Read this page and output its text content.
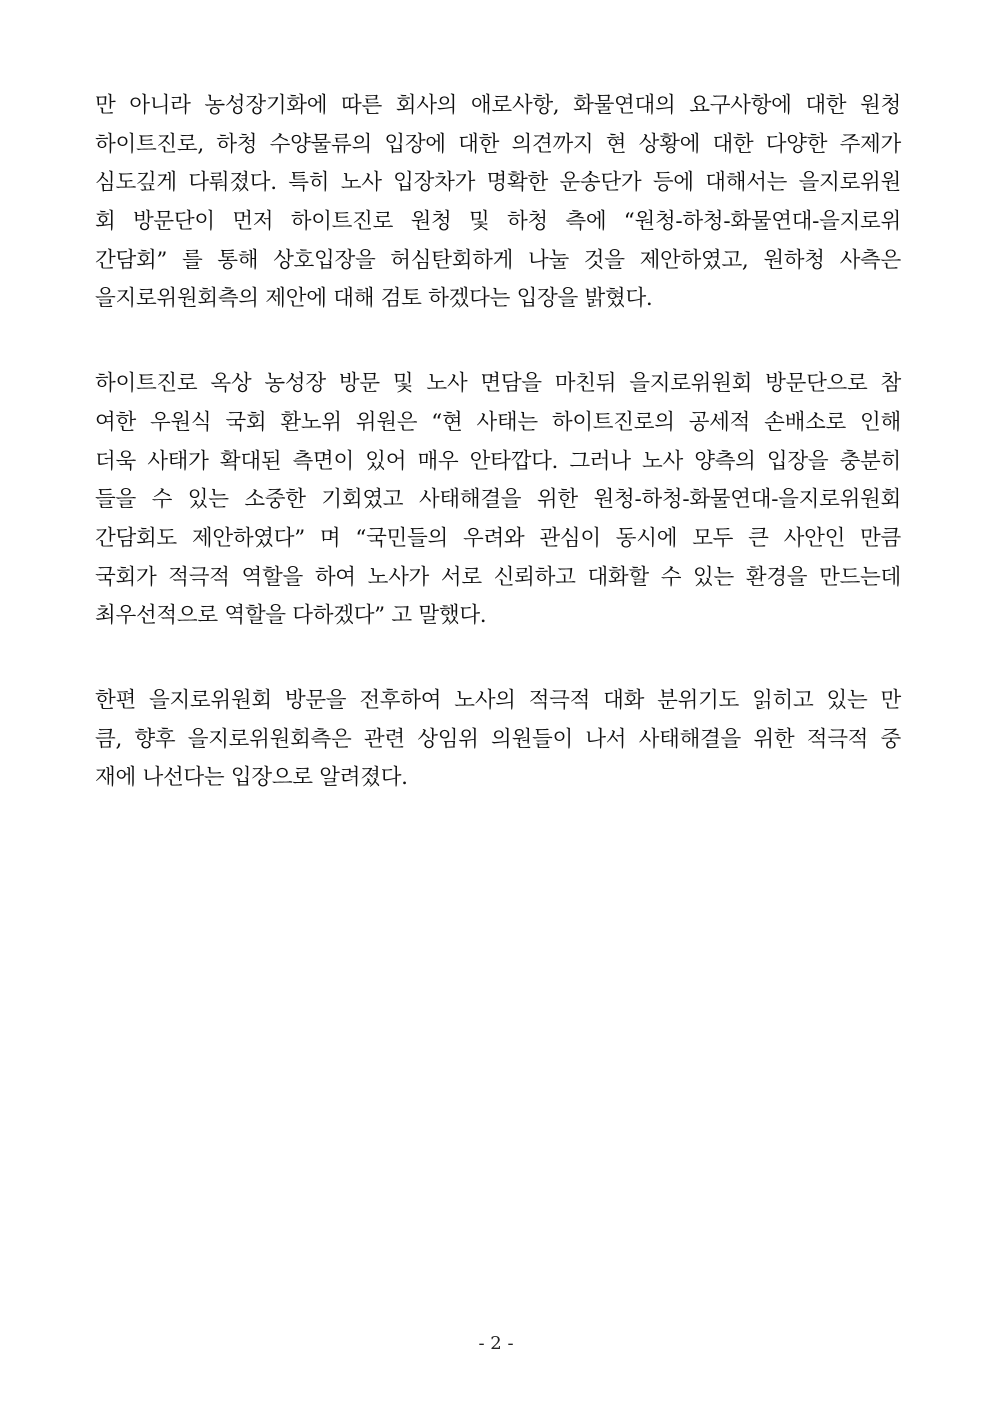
만 아니라 농성장기화에 따른 회사의 애로사항, 화물연대의 요구사항에 대한 원청
하이트진로, 하청 수양물류의 입장에 대한 의견까지 현 상황에 대한 다양한 주제가
심도깊게 다뤄졌다. 특히 노사 입장차가 명확한 운송단가 등에 대해서는 을지로위원
회 방문단이 먼저 하이트진로 원청 및 하청 측에 “원청-하청-화물연대-을지로위
간담회” 를 통해 상호입장을 허심탄회하게 나눌 것을 제안하였고, 원하청 사측은
을지로위원회측의 제안에 대해 검토 하겠다는 입장을 밝혔다.

하이트진로 옥상 농성장 방문 및 노사 면담을 마친뒤 을지로위원회 방문단으로 참
여한 우원식 국회 환노위 위원은 “현 사태는 하이트진로의 공세적 손배소로 인해
더욱 사태가 확대된 측면이 있어 매우 안타깝다. 그러나 노사 양측의 입장을 충분히
들을 수 있는 소중한 기회였고 사태해결을 위한 원청-하청-화물연대-을지로위원회
간담회도 제안하였다” 며 “국민들의 우려와 관심이 동시에 모두 큰 사안인 만큼
국회가 적극적 역할을 하여 노사가 서로 신뢰하고 대화할 수 있는 환경을 만드는데
최우선적으로 역할을 다하겠다” 고 말했다.

한편 을지로위원회 방문을 전후하여 노사의 적극적 대화 분위기도 읽히고 있는 만
큼, 향후 을지로위원회측은 관련 상임위 의원들이 나서 사태해결을 위한 적극적 중
재에 나선다는 입장으로 알려졌다.

- 2 -
